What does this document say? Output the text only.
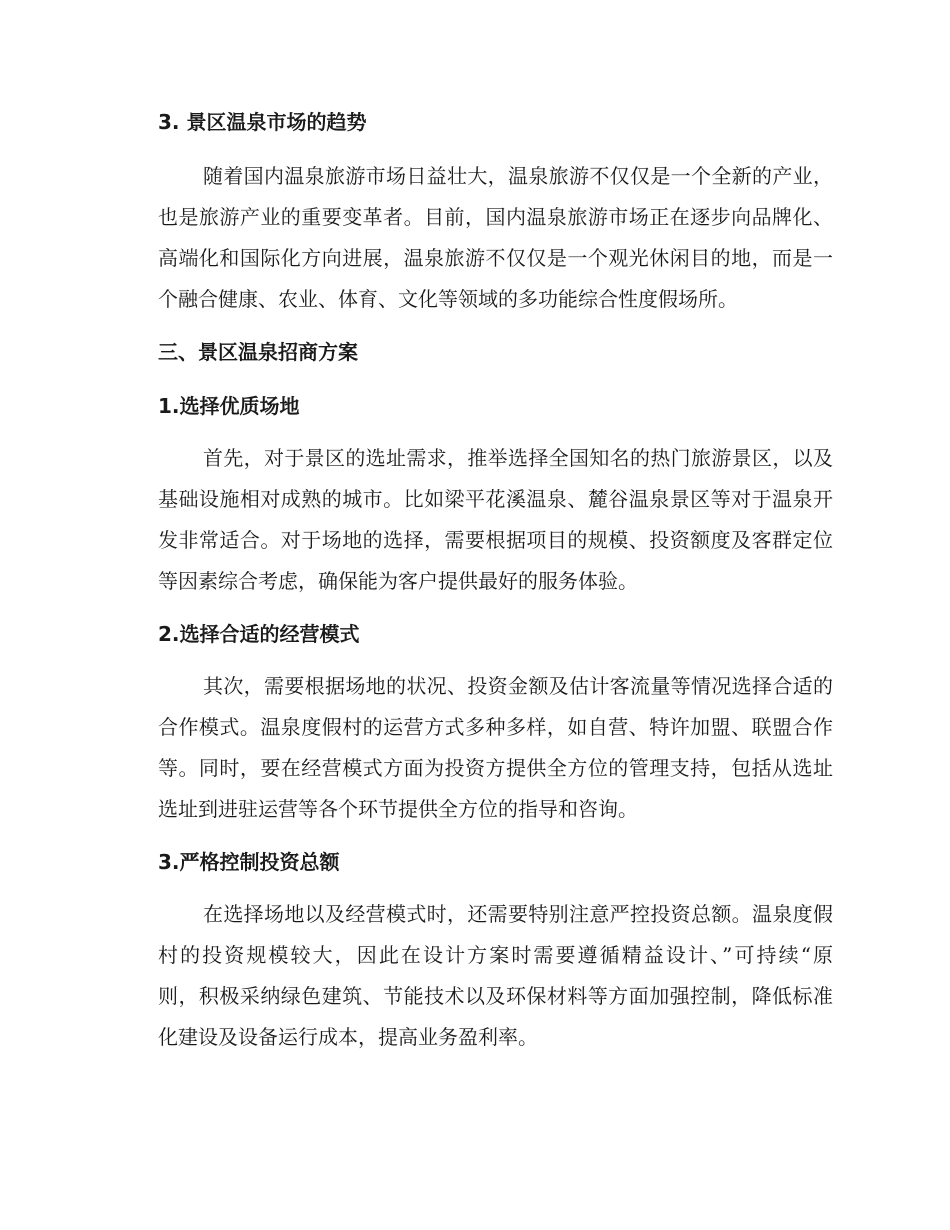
3. 景区温泉市场的趋势
随着国内温泉旅游市场日益壮大，温泉旅游不仅仅是一个全新的产业，
也是旅游产业的重要变革者。目前，国内温泉旅游市场正在逐步向品牌化、
高端化和国际化方向进展，温泉旅游不仅仅是一个观光休闲目的地，而是一
个融合健康、农业、体育、文化等领域的多功能综合性度假场所。
三、景区温泉招商方案
1.选择优质场地
首先，对于景区的选址需求，推举选择全国知名的热门旅游景区，以及
基础设施相对成熟的城市。比如梁平花溪温泉、麓谷温泉景区等对于温泉开
发非常适合。对于场地的选择，需要根据项目的规模、投资额度及客群定位
等因素综合考虑，确保能为客户提供最好的服务体验。
2.选择合适的经营模式
其次，需要根据场地的状况、投资金额及估计客流量等情况选择合适的
合作模式。温泉度假村的运营方式多种多样，如自营、特许加盟、联盟合作
等。同时，要在经营模式方面为投资方提供全方位的管理支持，包括从选址
选址到进驻运营等各个环节提供全方位的指导和咨询。
3.严格控制投资总额
在选择场地以及经营模式时，还需要特别注意严控投资总额。温泉度假
村的投资规模较大，因此在设计方案时需要遵循精益设计、”可持续“原
则，积极采纳绿色建筑、节能技术以及环保材料等方面加强控制，降低标准
化建设及设备运行成本，提高业务盈利率。
